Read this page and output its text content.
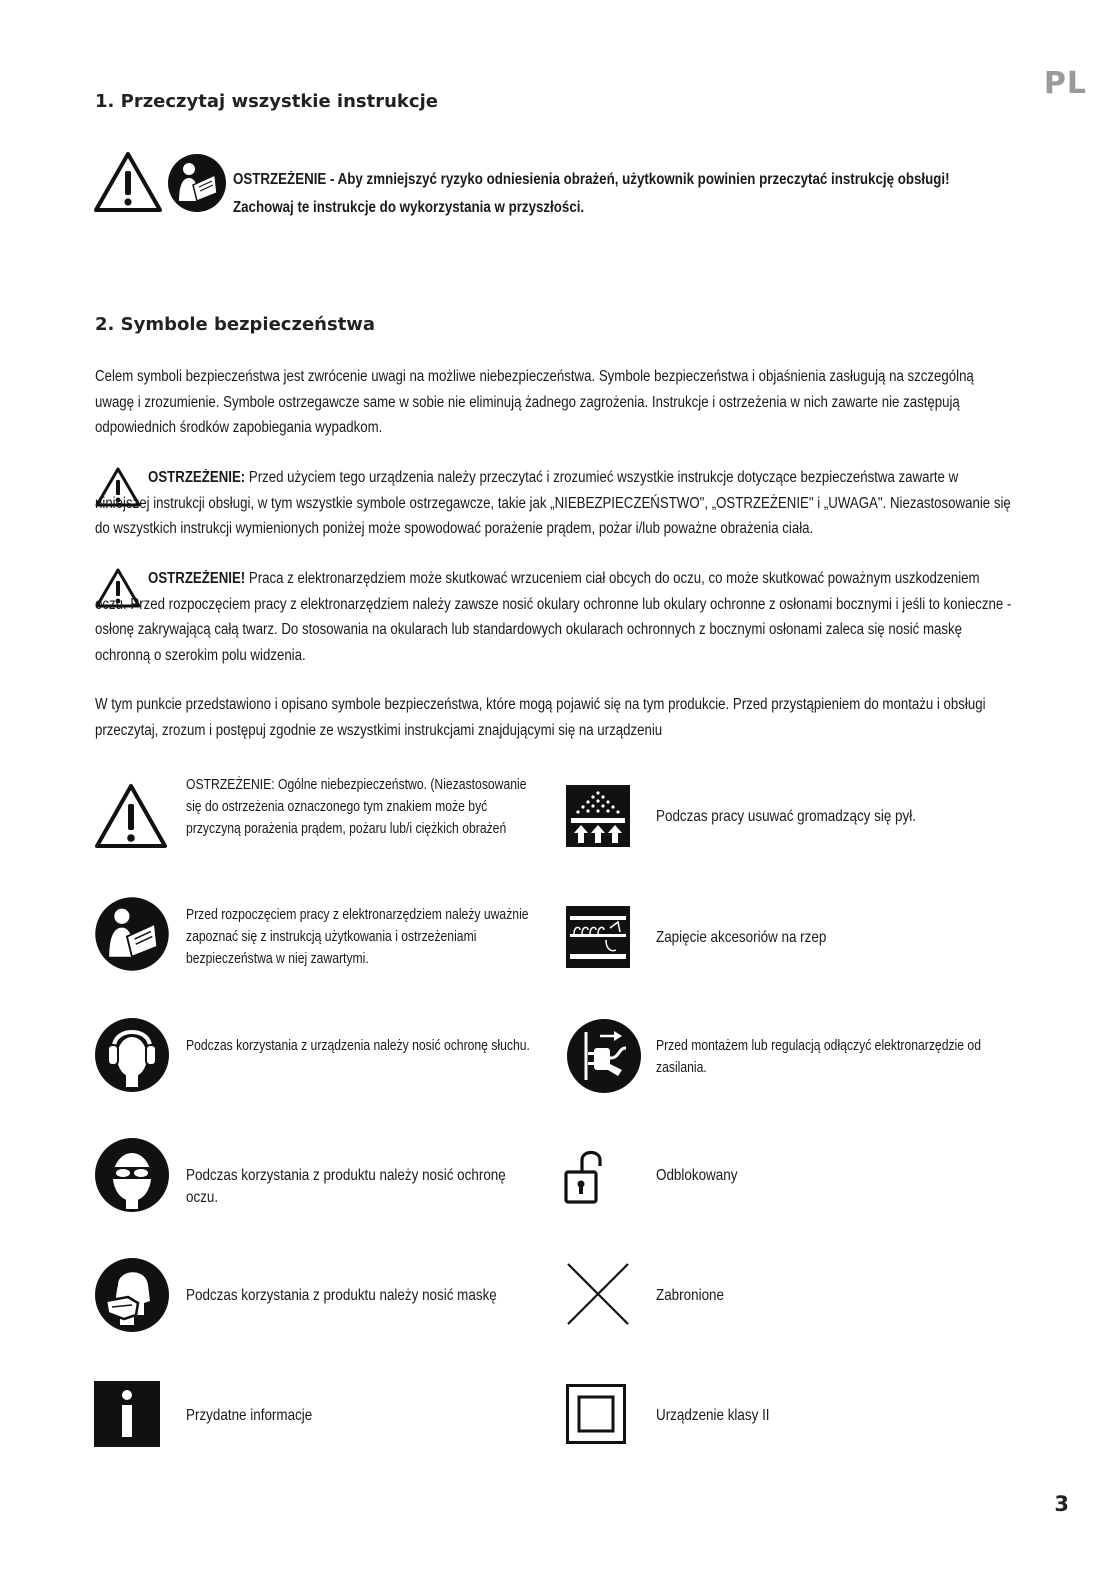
PL
1. Przeczytaj wszystkie instrukcje
OSTRZEŻENIE - Aby zmniejszyć ryzyko odniesienia obrażeń, użytkownik powinien przeczytać instrukcję obsługi!
Zachowaj te instrukcje do wykorzystania w przyszłości.
2. Symbole bezpieczeństwa

Celem symboli bezpieczeństwa jest zwrócenie uwagi na możliwe niebezpieczeństwa. Symbole bezpieczeństwa i objaśnienia zasługują na szczególną uwagę i zrozumienie. Symbole ostrzegawcze same w sobie nie eliminują żadnego zagrożenia. Instrukcje i ostrzeżenia w nich zawarte nie zastępują odpowiednich środków zapobiegania wypadkom.

OSTRZEŻENIE: Przed użyciem tego urządzenia należy przeczytać i zrozumieć wszystkie instrukcje dotyczące bezpieczeństwa zawarte w niniejszej instrukcji obsługi, w tym wszystkie symbole ostrzegawcze, takie jak „NIEBEZPIECZEŃSTWO", „OSTRZEŻENIE" i „UWAGA". Niezastosowanie się do wszystkich instrukcji wymienionych poniżej może spowodować porażenie prądem, pożar i/lub poważne obrażenia ciała.

OSTRZEŻENIE! Praca z elektronarzędziem może skutkować wrzuceniem ciał obcych do oczu, co może skutkować poważnym uszkodzeniem oczu. Przed rozpoczęciem pracy z elektronarzędziem należy zawsze nosić okulary ochronne lub okulary ochronne z osłonami bocznymi i jeśli to konieczne - osłonę zakrywającą całą twarz. Do stosowania na okularach lub standardowych okularach ochronnych z bocznymi osłonami zaleca się nosić maskę ochronną o szerokim polu widzenia.

W tym punkcie przedstawiono i opisano symbole bezpieczeństwa, które mogą pojawić się na tym produkcie. Przed przystąpieniem do montażu i obsługi przeczytaj, zrozum i postępuj zgodnie ze wszystkimi instrukcjami znajdującymi się na urządzeniu

OSTRZEŻENIE: Ogólne niebezpieczeństwo. (Niezastosowanie się do ostrzeżenia oznaczonego tym znakiem może być przyczyną porażenia prądem, pożaru lub/i ciężkich obrażeń

Przed rozpoczęciem pracy z elektronarzędziem należy uważnie zapoznać się z instrukcją użytkowania i ostrzeżeniami bezpieczeństwa w niej zawartymi.

Podczas korzystania z urządzenia należy nosić ochronę słuchu.

Podczas korzystania z produktu należy nosić ochronę oczu.

Podczas korzystania z produktu należy nosić maskę

Przydatne informacje

Podczas pracy usuwać gromadzący się pył.

Zapięcie akcesoriów na rzep

Przed montażem lub regulacją odłączyć elektronarzędzie od zasilania.

Odblokowany

Zabronione

Urządzenie klasy II

3
